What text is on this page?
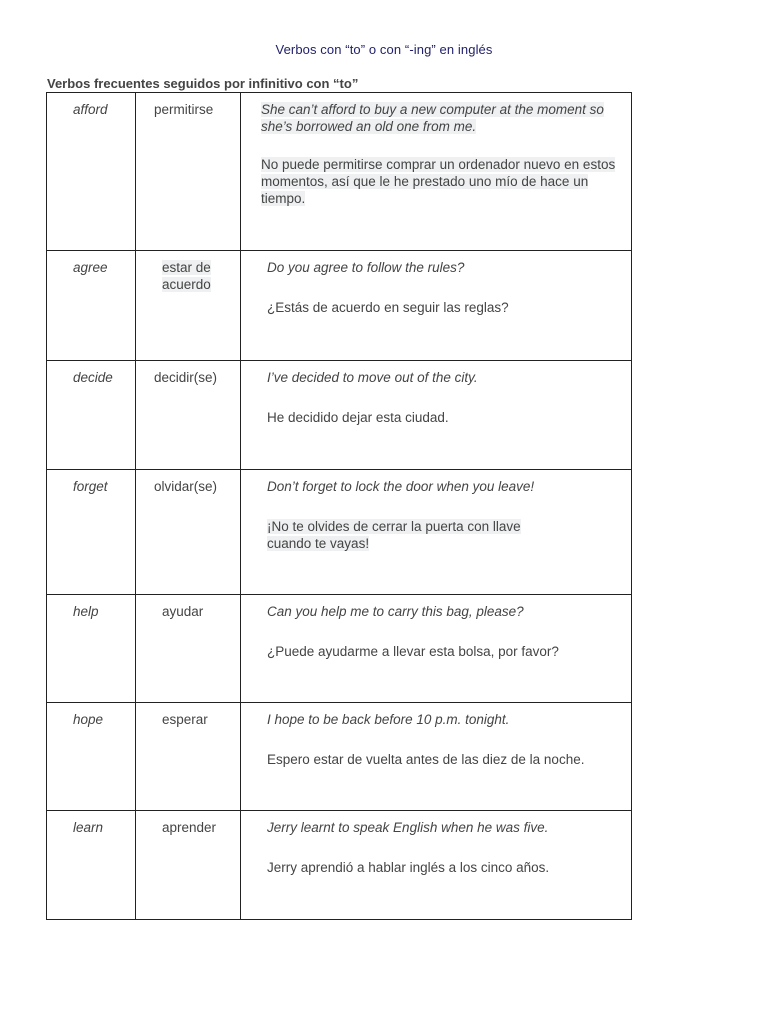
Verbos con “to” o con “-ing” en inglés
Verbos frecuentes seguidos por infinitivo con “to”
afford	permitirse	She can’t afford to buy a new computer at the moment so she’s borrowed an old one from me.

No puede permitirse comprar un ordenador nuevo en estos momentos, así que le he prestado uno mío de hace un tiempo.

agree	estar de acuerdo	Do you agree to follow the rules?

¿Estás de acuerdo en seguir las reglas?

decide	decidir(se)	I’ve decided to move out of the city.

He decidido dejar esta ciudad.

forget	olvidar(se)	Don’t forget to lock the door when you leave!

¡No te olvides de cerrar la puerta con llave cuando te vayas!

help	ayudar	Can you help me to carry this bag, please?

¿Puede ayudarme a llevar esta bolsa, por favor?

hope	esperar	I hope to be back before 10 p.m. tonight.

Espero estar de vuelta antes de las diez de la noche.

learn	aprender	Jerry learnt to speak English when he was five.

Jerry aprendió a hablar inglés a los cinco años.
